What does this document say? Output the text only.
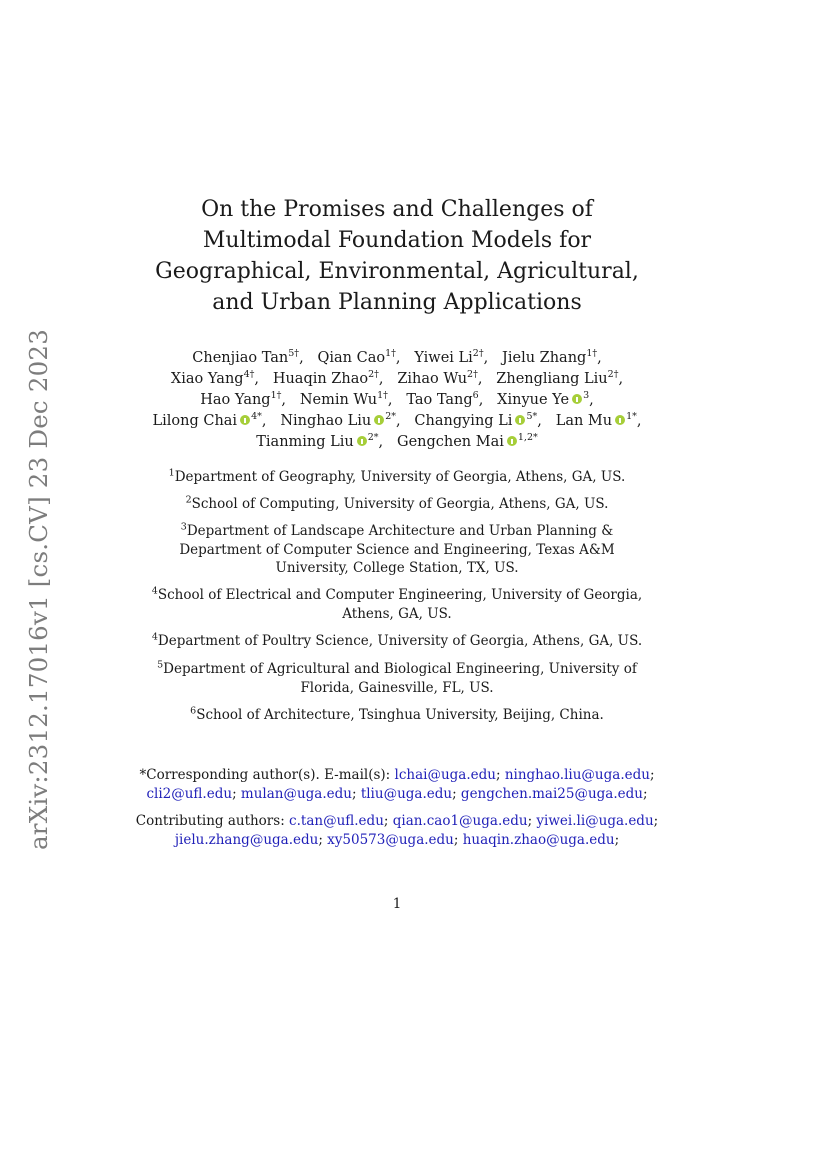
arXiv:2312.17016v1 [cs.CV] 23 Dec 2023
On the Promises and Challenges of Multimodal Foundation Models for Geographical, Environmental, Agricultural, and Urban Planning Applications
Chenjiao Tan$^{5\dagger}$,   Qian Cao$^{1\dagger}$,   Yiwei $Li^{2\dagger}$,   Jielu Zhang$^{1\dagger}$,
Xiao Yang$^{4\dagger}$,   Huaqin Zhao$^{2\dagger}$,   Zihao $Wu^{2\dagger}$,   Zhengliang Liu$^{2\dagger}$,
Hao Yang$^{1\dagger}$,   Nemin $Wu^{1\dagger}$,   Tao Tang$^6$,   Xinyue Ye $^3$,
Lilong Chai $^{4*}$,   Ninghao Liu $^{2*}$,   Changying Li $^{5*}$,   Lan Mu $^{1*}$,
Tianming Liu $^{2*}$,   Gengchen Mai $^{1,2*}$

$^1$Department of Geography, University of Georgia, Athens, GA, US.

$^2$School of Computing, University of Georgia, Athens, GA, US.

$^3$Department of Landscape Architecture and Urban Planning & Department of Computer Science and Engineering, Texas A&M University, College Station, TX, US.

$^4$School of Electrical and Computer Engineering, University of Georgia, Athens, GA, US.

$^4$Department of Poultry Science, University of Georgia, Athens, GA, US.

$^5$Department of Agricultural and Biological Engineering, University of Florida, Gainesville, FL, US.

$^6$School of Architecture, Tsinghua University, Beijing, China.

*Corresponding author(s). E-mail(s): lchai@uga.edu; ninghao.liu@uga.edu; cli2@ufl.edu; mulan@uga.edu; tliu@uga.edu; gengchen.mai25@uga.edu;

Contributing authors: c.tan@ufl.edu; qian.cao1@uga.edu; yiwei.li@uga.edu; jielu.zhang@uga.edu; xy50573@uga.edu; huaqin.zhao@uga.edu;

1
